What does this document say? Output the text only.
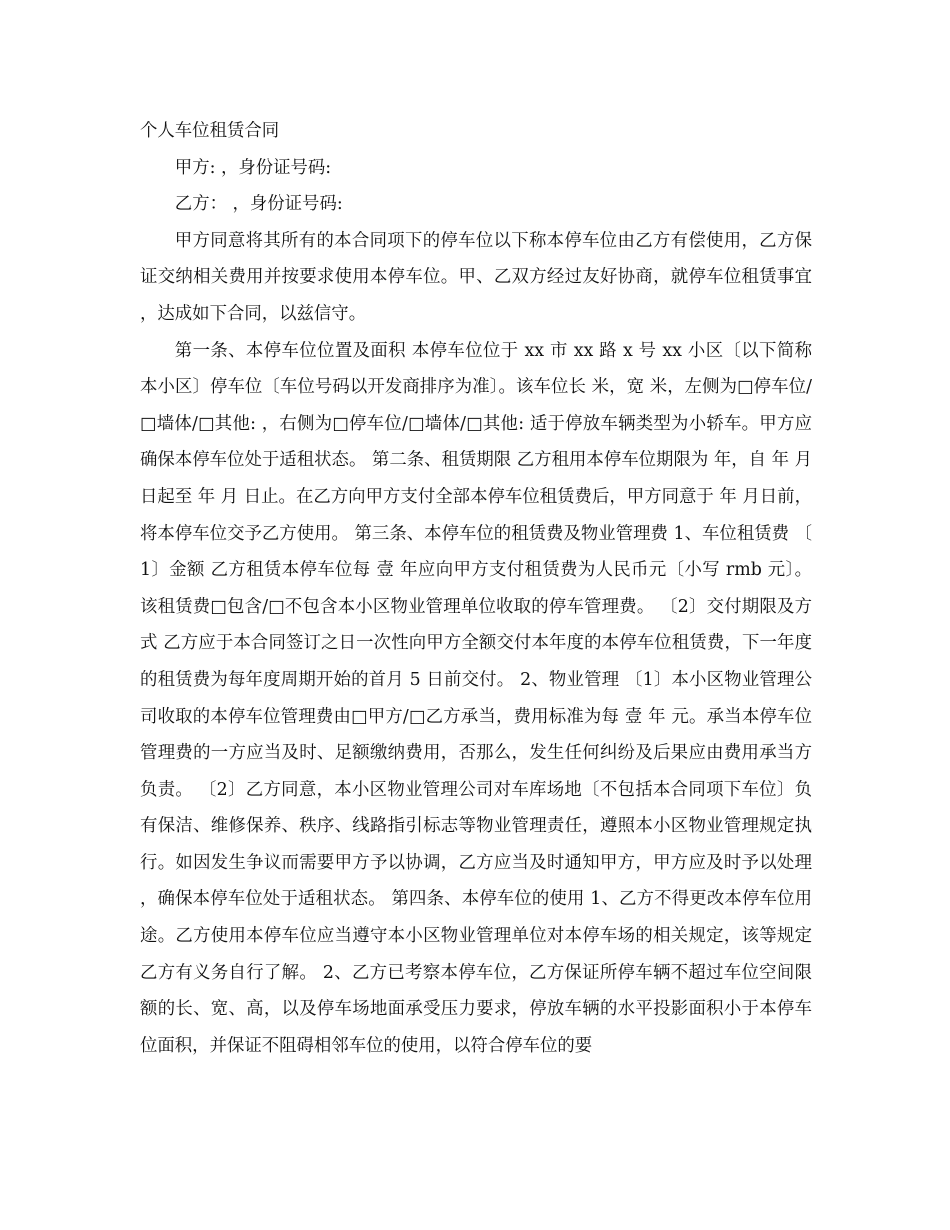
个人车位租赁合同

甲方: ，身份证号码:

乙方： ，身份证号码:

甲方同意将其所有的本合同项下的停车位以下称本停车位由乙方有偿使用，乙方保证交纳相关费用并按要求使用本停车位。甲、乙双方经过友好协商，就停车位租赁事宜，达成如下合同，以兹信守。

第一条、本停车位位置及面积 本停车位位于 xx 市 xx 路 x 号 xx 小区〔以下简称本小区〕停车位〔车位号码以开发商排序为准〕。该车位长 米，宽 米，左侧为□停车位/□墙体/□其他: ，右侧为□停车位/□墙体/□其他: 适于停放车辆类型为小轿车。甲方应确保本停车位处于适租状态。 第二条、租赁期限 乙方租用本停车位期限为 年，自 年 月 日起至 年 月 日止。在乙方向甲方支付全部本停车位租赁费后，甲方同意于 年 月日前，将本停车位交予乙方使用。 第三条、本停车位的租赁费及物业管理费 1、车位租赁费 〔1〕金额 乙方租赁本停车位每 壹 年应向甲方支付租赁费为人民币元〔小写 rmb 元〕。该租赁费□包含/□不包含本小区物业管理单位收取的停车管理费。 〔2〕交付期限及方式 乙方应于本合同签订之日一次性向甲方全额交付本年度的本停车位租赁费，下一年度的租赁费为每年度周期开始的首月 5 日前交付。 2、物业管理 〔1〕本小区物业管理公司收取的本停车位管理费由□甲方/□乙方承当，费用标准为每 壹 年 元。承当本停车位管理费的一方应当及时、足额缴纳费用，否那么，发生任何纠纷及后果应由费用承当方负责。 〔2〕乙方同意，本小区物业管理公司对车库场地〔不包括本合同项下车位〕负有保洁、维修保养、秩序、线路指引标志等物业管理责任，遵照本小区物业管理规定执行。如因发生争议而需要甲方予以协调，乙方应当及时通知甲方，甲方应及时予以处理，确保本停车位处于适租状态。 第四条、本停车位的使用 1、乙方不得更改本停车位用途。乙方使用本停车位应当遵守本小区物业管理单位对本停车场的相关规定，该等规定乙方有义务自行了解。 2、乙方已考察本停车位，乙方保证所停车辆不超过车位空间限额的长、宽、高，以及停车场地面承受压力要求，停放车辆的水平投影面积小于本停车位面积，并保证不阻碍相邻车位的使用，以符合停车位的要
